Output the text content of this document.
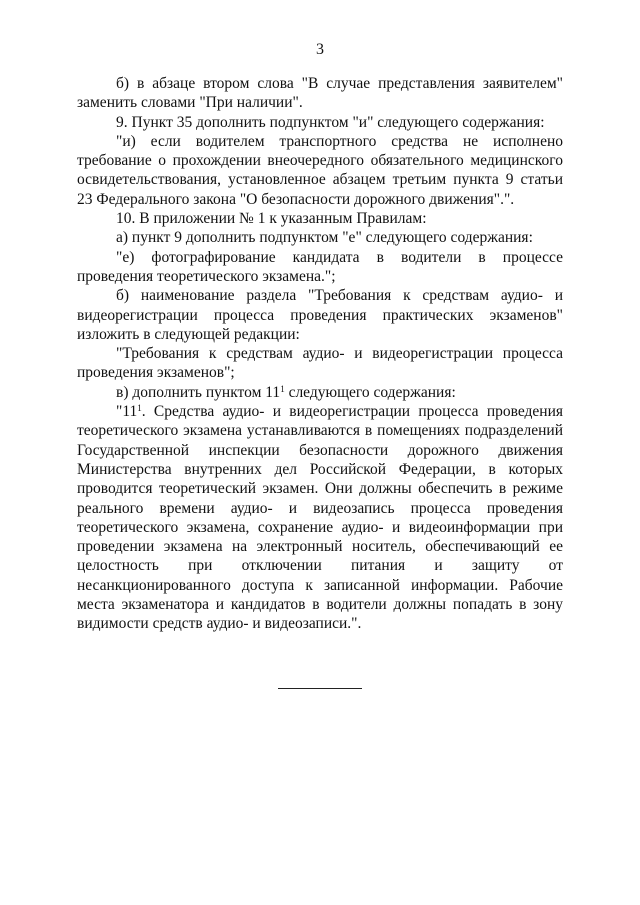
3

б) в абзаце втором слова "В случае представления заявителем" заменить словами "При наличии".

9. Пункт 35 дополнить подпунктом "и" следующего содержания:

"и) если водителем транспортного средства не исполнено требование о прохождении внеочередного обязательного медицинского освидетельствования, установленное абзацем третьим пункта 9 статьи 23 Федерального закона "О безопасности дорожного движения".".

10. В приложении № 1 к указанным Правилам:

а) пункт 9 дополнить подпунктом "е" следующего содержания:

"е) фотографирование кандидата в водители в процессе проведения теоретического экзамена.";

б) наименование раздела "Требования к средствам аудио- и видеорегистрации процесса проведения практических экзаменов" изложить в следующей редакции:

"Требования к средствам аудио- и видеорегистрации процесса проведения экзаменов";

в) дополнить пунктом $11^1$ следующего содержания:

"$11^1$. Средства аудио- и видеорегистрации процесса проведения теоретического экзамена устанавливаются в помещениях подразделений Государственной инспекции безопасности дорожного движения Министерства внутренних дел Российской Федерации, в которых проводится теоретический экзамен. Они должны обеспечить в режиме реального времени аудио- и видеозапись процесса проведения теоретического экзамена, сохранение аудио- и видеоинформации при проведении экзамена на электронный носитель, обеспечивающий ее целостность при отключении питания и защиту от несанкционированного доступа к записанной информации. Рабочие места экзаменатора и кандидатов в водители должны попадать в зону видимости средств аудио- и видеозаписи.".
